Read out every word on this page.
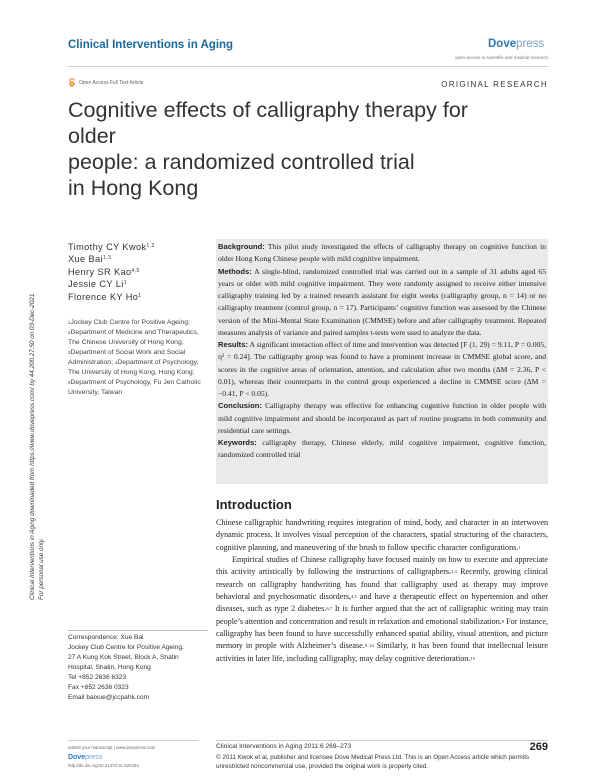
Clinical Interventions in Aging	Dovepress
open access to scientific and medical research
Open Access Full Text Article	ORIGINAL RESEARCH
Cognitive effects of calligraphy therapy for older
people: a randomized controlled trial
in Hong Kong
Clinical Interventions in Aging downloaded from https://www.dovepress.com/ by 44.200.27.50 on 03-Dec-2021 For personal use only.
Timothy CY Kwok$^{1,2}$
Xue Bai$^{1,3}$
Henry SR Kao$^{4,5}$
Jessie CY Li$^1$
Florence KY Ho$^1$
$^1$Jockey Club Centre for Positive Ageing; $^2$Department of Medicine and Therapeutics, The Chinese University of Hong Kong; $^3$Department of Social Work and Social Administration; $^4$Department of Psychology, The University of Hong Kong, Hong Kong; $^5$Department of Psychology, Fu Jen Catholic University, Taiwan

Background: This pilot study investigated the effects of calligraphy therapy on cognitive function in older Hong Kong Chinese people with mild cognitive impairment.

Methods: A single-blind, randomized controlled trial was carried out in a sample of 31 adults aged 65 years or older with mild cognitive impairment. They were randomly assigned to receive either intensive calligraphy training led by a trained research assistant for eight weeks (calligraphy group, n = 14) or no calligraphy treatment (control group, n = 17). Participants’ cognitive function was assessed by the Chinese version of the Mini-Mental State Examination (CMMSE) before and after calligraphy treatment. Repeated measures analysis of variance and paired samples t-tests were used to analyze the data.

Results: A significant interaction effect of time and intervention was detected [F (1, 29) = 9.11, P = 0.005, η² = 0.24]. The calligraphy group was found to have a prominent increase in CMMSE global score, and scores in the cognitive areas of orientation, attention, and calculation after two months (ΔM = 2.36, P < 0.01), whereas their counterparts in the control group experienced a decline in CMMSE score (ΔM = −0.41, P < 0.05).

Conclusion: Calligraphy therapy was effective for enhancing cognitive function in older people with mild cognitive impairment and should be incorporated as part of routine programs in both community and residential care settings.

Keywords: calligraphy therapy, Chinese elderly, mild cognitive impairment, cognitive function, randomized controlled trial

Introduction

Chinese calligraphic handwriting requires integration of mind, body, and character in an interwoven dynamic process. It involves visual perception of the characters, spatial structuring of the characters, cognitive planning, and maneuvering of the brush to follow specific character configurations.$^1$

Empirical studies of Chinese calligraphy have focused mainly on how to execute and appreciate this activity artistically by following the instructions of calligraphers.$^{2,3}$ Recently, growing clinical research on calligraphy handwriting has found that calligraphy used as therapy may improve behavioral and psychosomatic disorders,$^{4,5}$ and have a therapeutic effect on hypertension and other diseases, such as type 2 diabetes.$^{6,7}$ It is further argued that the act of calligraphic writing may train people’s attention and concentration and result in relaxation and emotional stabilization.$^8$ For instance, calligraphy has been found to have successfully enhanced spatial ability, visual attention, and picture memory in people with Alzheimer’s disease.$^{9-14}$ Similarly, it has been found that intellectual leisure activities in later life, including calligraphy, may delay cognitive deterioration.$^{15}$

Correspondence: Xue Bai
Jockey Club Centre for Positive Ageing,
27 A Kung Kok Street, Block A, Shatin
Hospital, Shatin, Hong Kong
Tel +852 2636 6323
Fax +852 2636 0323
Email baixue@jccpahk.com
submit your manuscript | www.dovepress.com
Dovepress
http://dx.doi.org/10.2147/CIA.S20334
Clinical Interventions in Aging 2011:6 269–273	269
© 2011 Kwok et al, publisher and licensee Dove Medical Press Ltd. This is an Open Access article which permits unrestricted noncommercial use, provided the original work is properly cited.
